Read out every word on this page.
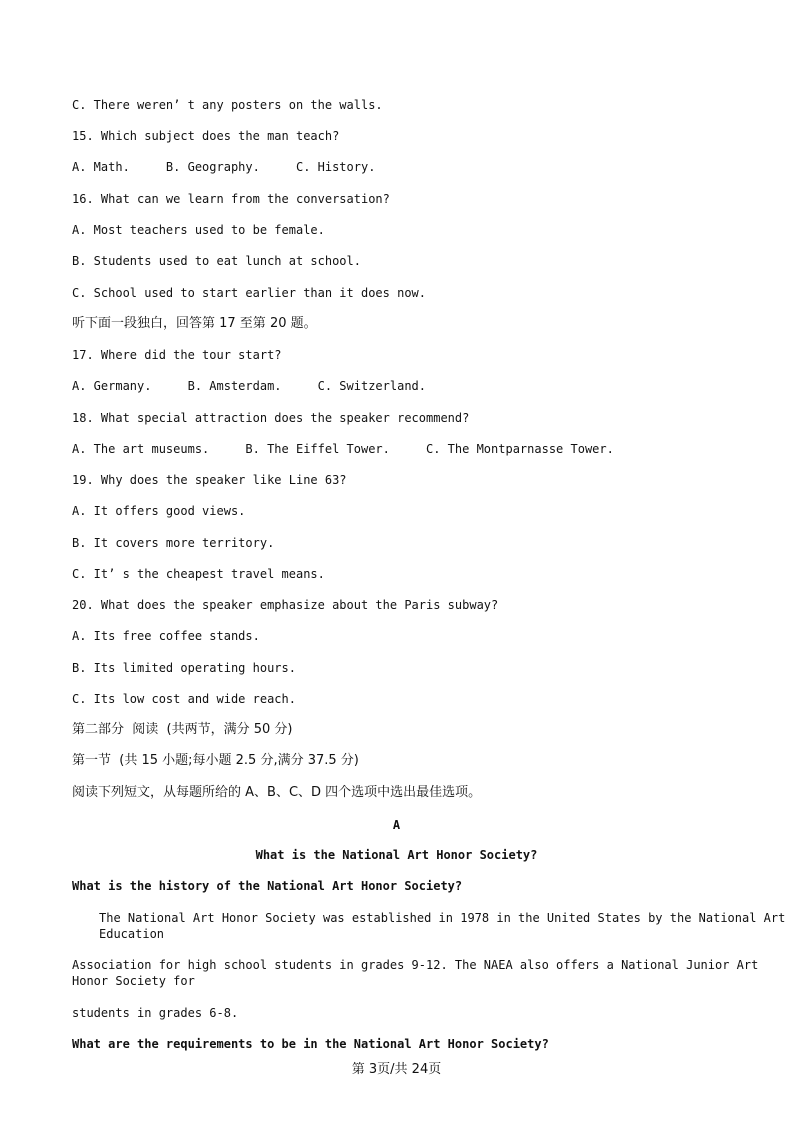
C. There weren’ t any posters on the walls.
15. Which subject does the man teach?
A. Math.     B. Geography.     C. History.
16. What can we learn from the conversation?
A. Most teachers used to be female.
B. Students used to eat lunch at school.
C. School used to start earlier than it does now.
听下面一段独白，回答第 17 至第 20 题。
17. Where did the tour start?
A. Germany.     B. Amsterdam.     C. Switzerland.
18. What special attraction does the speaker recommend?
A. The art museums.     B. The Eiffel Tower.     C. The Montparnasse Tower.
19. Why does the speaker like Line 63?
A. It offers good views.
B. It covers more territory.
C. It’ s the cheapest travel means.
20. What does the speaker emphasize about the Paris subway?
A. Its free coffee stands.
B. Its limited operating hours.
C. Its low cost and wide reach.
第二部分  阅读  (共两节，满分 50 分)
第一节  (共 15 小题;每小题 2.5 分,满分 37.5 分)
阅读下列短文，从每题所给的 A、B、C、D 四个选项中选出最佳选项。
A
What is the National Art Honor Society?
What is the history of the National Art Honor Society?
The National Art Honor Society was established in 1978 in the United States by the National Art Education
Association for high school students in grades 9-12. The NAEA also offers a National Junior Art Honor Society for
students in grades 6-8.
What are the requirements to be in the National Art Honor Society?
第 3页/共 24页
